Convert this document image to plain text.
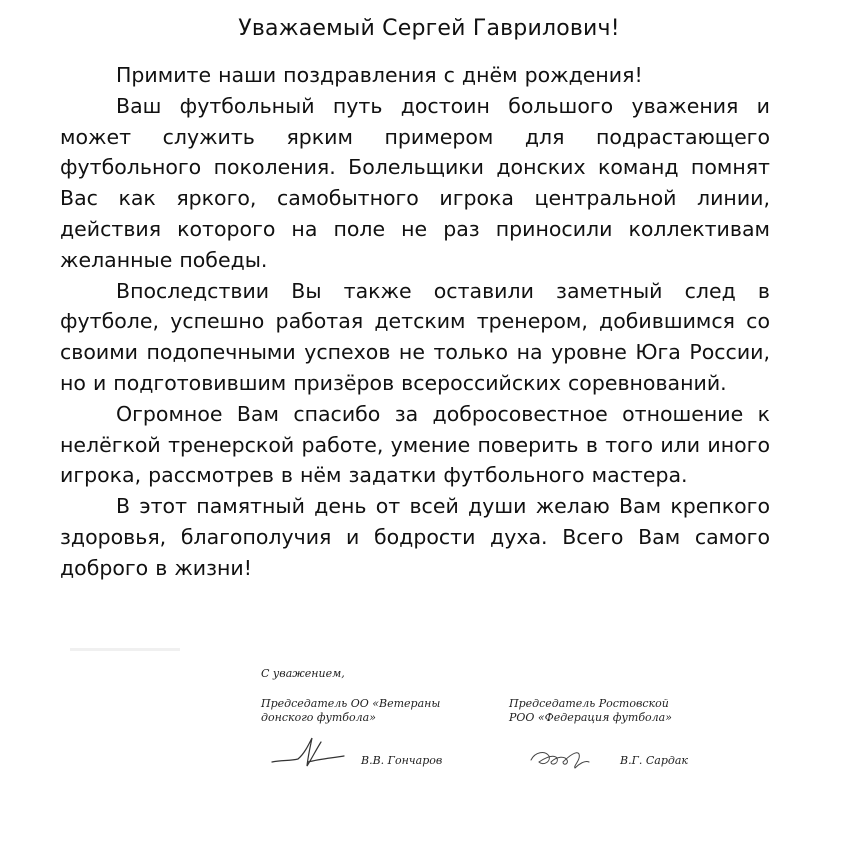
Уважаемый Сергей Гаврилович!

Примите наши поздравления с днём рождения!

Ваш футбольный путь достоин большого уважения и может служить ярким примером для подрастающего футбольного поколения. Болельщики донских команд помнят Вас как яркого, самобытного игрока центральной линии, действия которого на поле не раз приносили коллективам желанные победы.

Впоследствии Вы также оставили заметный след в футболе, успешно работая детским тренером, добившимся со своими подопечными успехов не только на уровне Юга России, но и подготовившим призёров всероссийских соревнований.

Огромное Вам спасибо за добросовестное отношение к нелёгкой тренерской работе, умение поверить в того или иного игрока, рассмотрев в нём задатки футбольного мастера.

В этот памятный день от всей души желаю Вам крепкого здоровья, благополучия и бодрости духа. Всего Вам самого доброго в жизни!

С уважением,
Председатель ОО «Ветераны
донского футбола»
Председатель Ростовской
РОО «Федерация футбола»
В.В. Гончаров	В.Г. Сардак
